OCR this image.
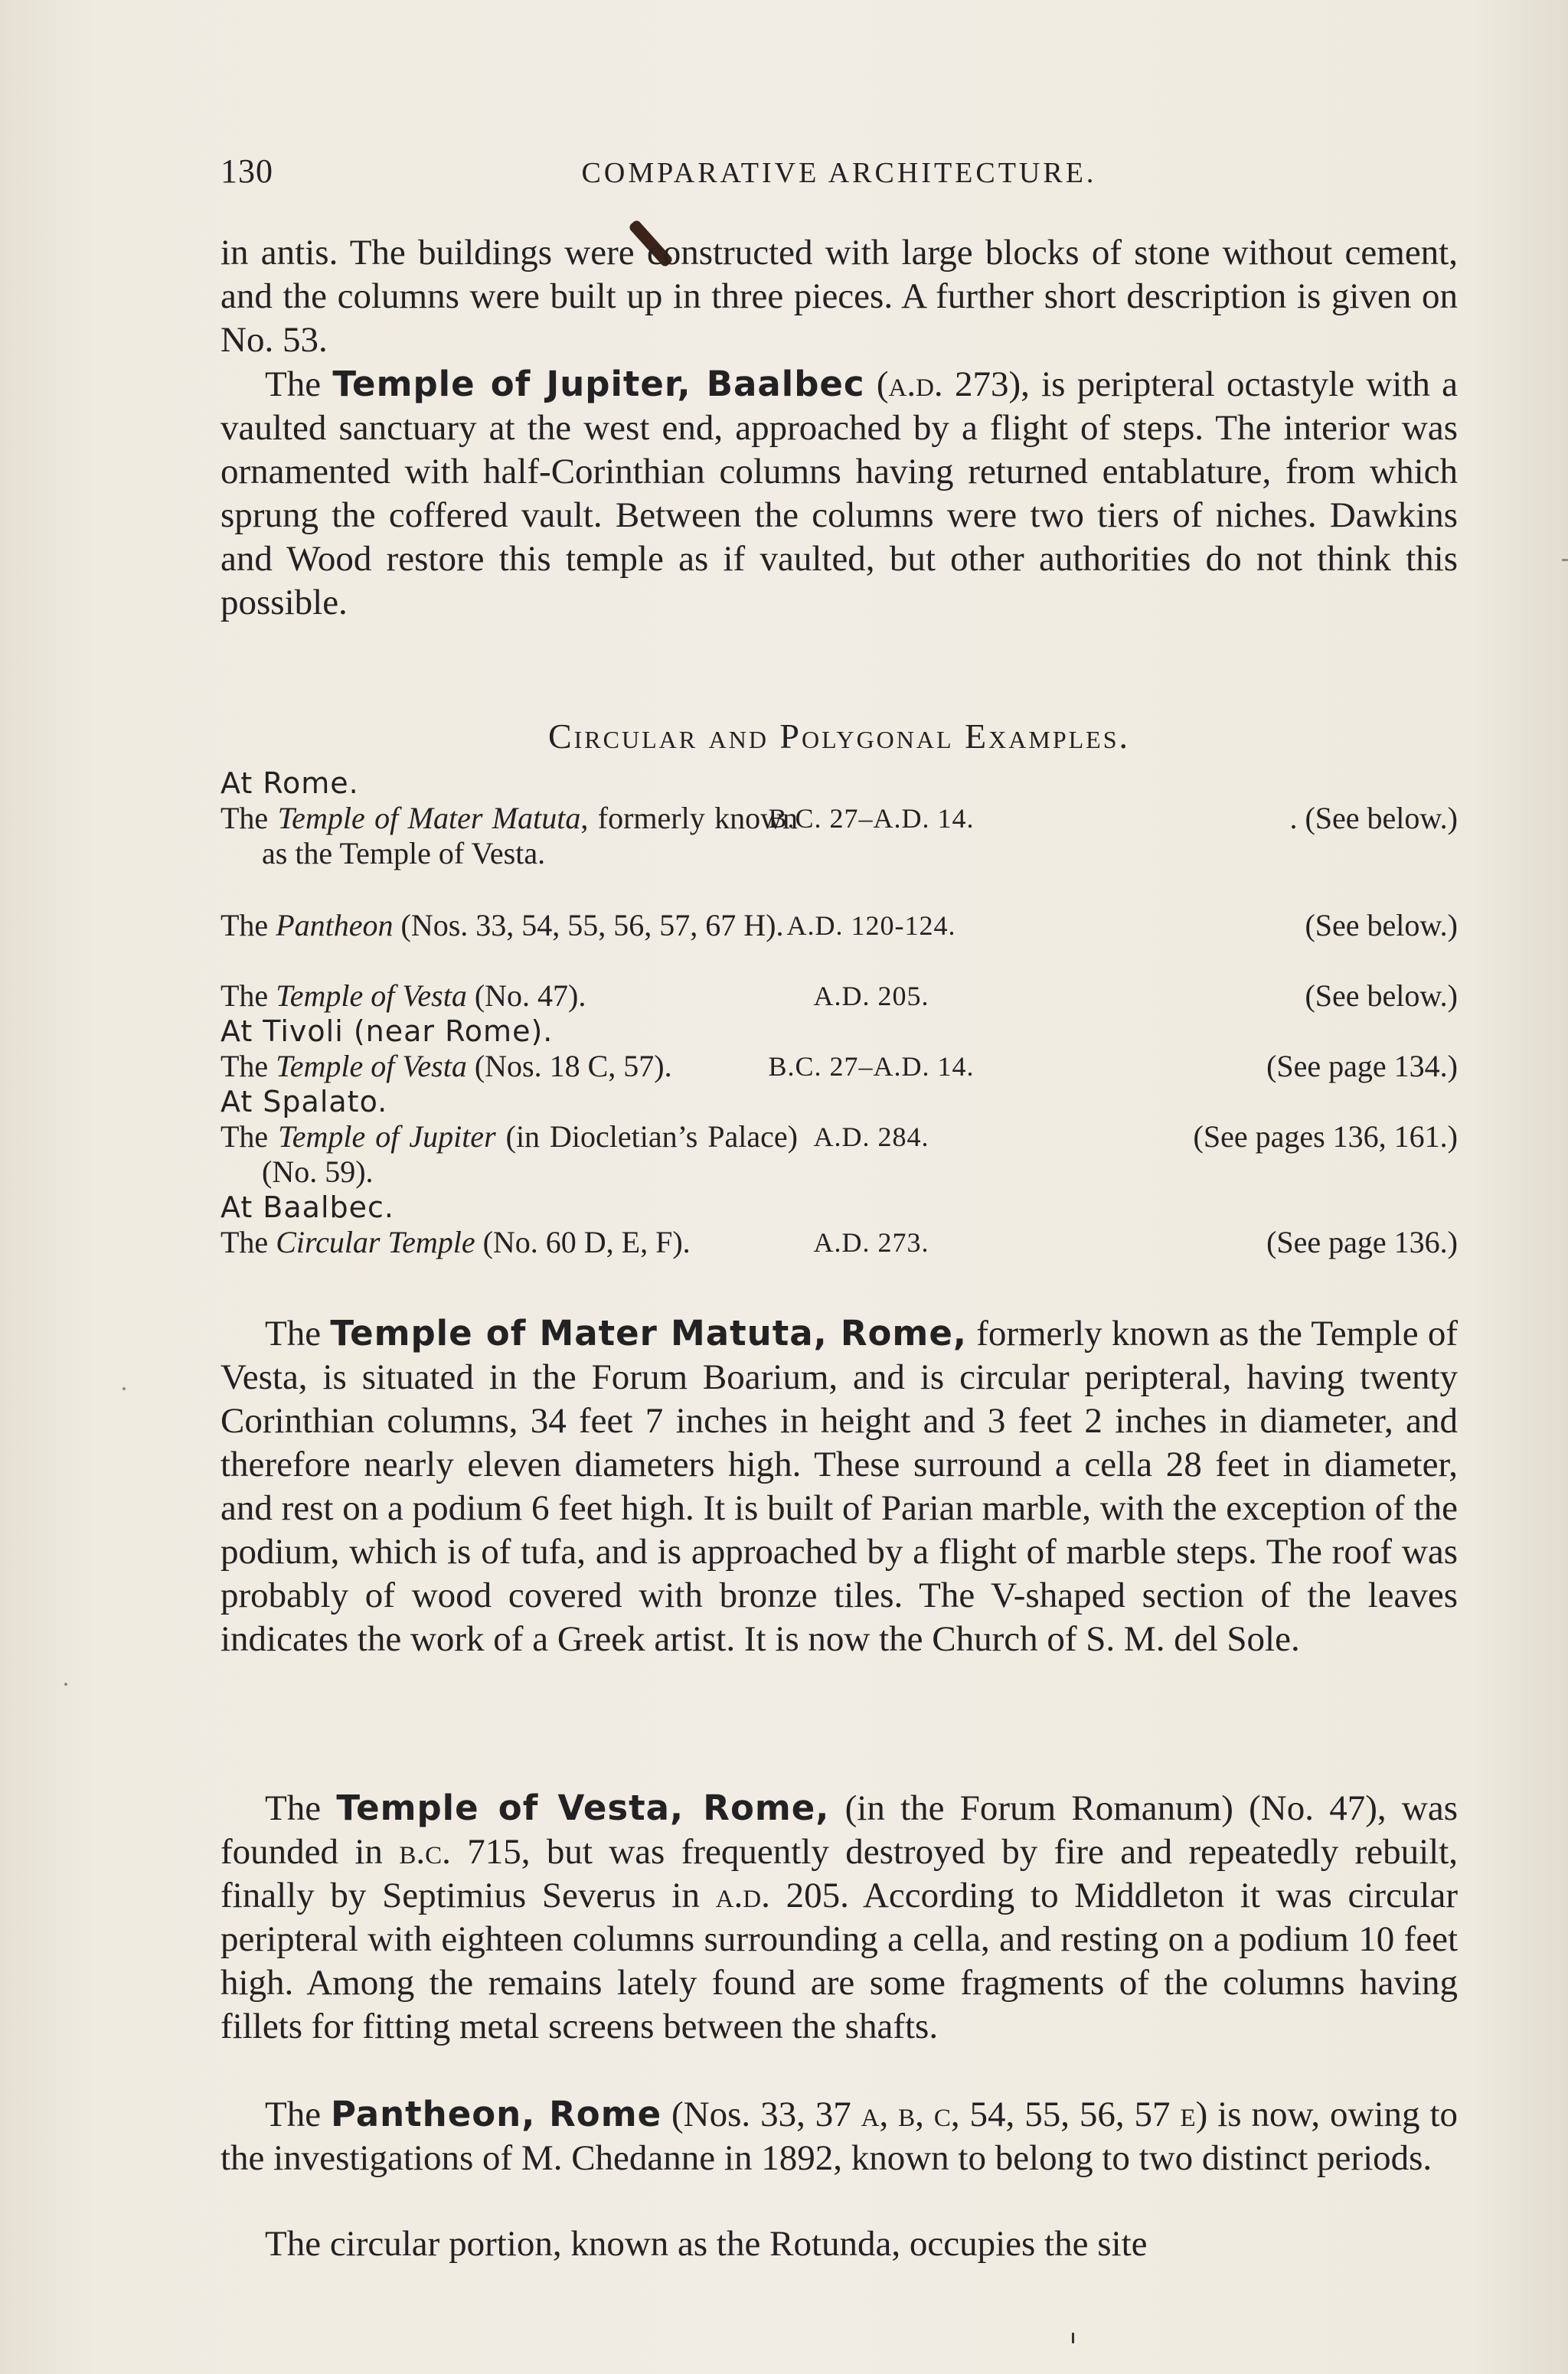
130	COMPARATIVE ARCHITECTURE.

in antis. The buildings were constructed with large blocks of stone without cement, and the columns were built up in three pieces. A further short description is given on No. 53.

The Temple of Jupiter, Baalbec (a.d. 273), is peripteral octastyle with a vaulted sanctuary at the west end, approached by a flight of steps. The interior was ornamented with half-Corinthian columns having returned entablature, from which sprung the coffered vault. Between the columns were two tiers of niches. Dawkins and Wood restore this temple as if vaulted, but other authorities do not think this possible.

Circular and Polygonal Examples.
At Rome.
The Temple of Mater Matuta, formerly known as the Temple of Vesta.
B.C. 27–A.D. 14.	. (See below.)
The Pantheon (Nos. 33, 54, 55, 56, 57, 67 H). A.D. 120-124.	(See below.)
The Temple of Vesta (No. 47).	A.D. 205.	(See below.)
At Tivoli (near Rome).
The Temple of Vesta (Nos. 18 C, 57).	B.C. 27–A.D. 14.	(See page 134.)
At Spalato.
The Temple of Jupiter (in Diocletian’s Palace) (No. 59).
A.D. 284.	(See pages 136, 161.)
At Baalbec.
The Circular Temple (No. 60 D, E, F).	A.D. 273.	(See page 136.)

The Temple of Mater Matuta, Rome, formerly known as the Temple of Vesta, is situated in the Forum Boarium, and is circular peripteral, having twenty Corinthian columns, 34 feet 7 inches in height and 3 feet 2 inches in diameter, and therefore nearly eleven diameters high. These surround a cella 28 feet in diameter, and rest on a podium 6 feet high. It is built of Parian marble, with the exception of the podium, which is of tufa, and is approached by a flight of marble steps. The roof was probably of wood covered with bronze tiles. The V-shaped section of the leaves indicates the work of a Greek artist. It is now the Church of S. M. del Sole.

The Temple of Vesta, Rome, (in the Forum Romanum) (No. 47), was founded in b.c. 715, but was frequently destroyed by fire and repeatedly rebuilt, finally by Septimius Severus in a.d. 205. According to Middleton it was circular peripteral with eighteen columns surrounding a cella, and resting on a podium 10 feet high. Among the remains lately found are some fragments of the columns having fillets for fitting metal screens between the shafts.

The Pantheon, Rome (Nos. 33, 37 a, b, c, 54, 55, 56, 57 e) is now, owing to the investigations of M. Chedanne in 1892, known to belong to two distinct periods.

The circular portion, known as the Rotunda, occupies the site
